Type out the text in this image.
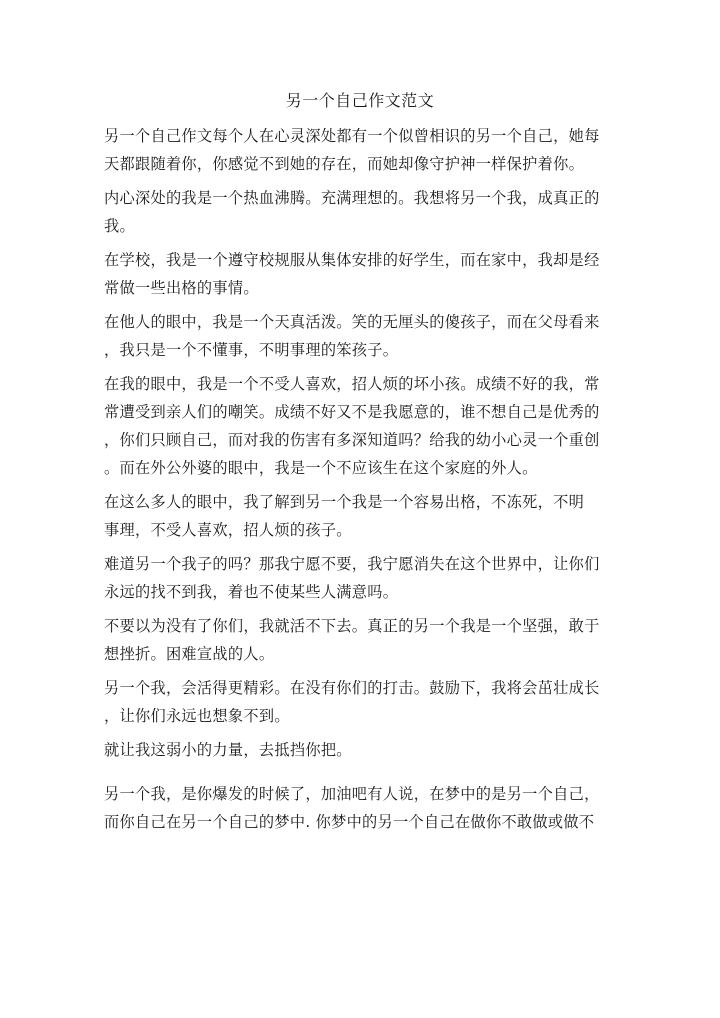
另一个自己作文范文

另一个自己作文每个人在心灵深处都有一个似曾相识的另一个自己，她每
天都跟随着你，你感觉不到她的存在，而她却像守护神一样保护着你。

内心深处的我是一个热血沸腾。充满理想的。我想将另一个我，成真正的
我。

在学校，我是一个遵守校规服从集体安排的好学生，而在家中，我却是经
常做一些出格的事情。

在他人的眼中，我是一个天真活泼。笑的无厘头的傻孩子，而在父母看来
，我只是一个不懂事，不明事理的笨孩子。

在我的眼中，我是一个不受人喜欢，招人烦的坏小孩。成绩不好的我，常
常遭受到亲人们的嘲笑。成绩不好又不是我愿意的，谁不想自己是优秀的
，你们只顾自己，而对我的伤害有多深知道吗？给我的幼小心灵一个重创
。而在外公外婆的眼中，我是一个不应该生在这个家庭的外人。

在这么多人的眼中，我了解到另一个我是一个容易出格，不冻死，不明
事理，不受人喜欢，招人烦的孩子。

难道另一个我子的吗？那我宁愿不要，我宁愿消失在这个世界中，让你们
永远的找不到我，着也不使某些人满意吗。

不要以为没有了你们，我就活不下去。真正的另一个我是一个坚强，敢于
想挫折。困难宣战的人。

另一个我，会活得更精彩。在没有你们的打击。鼓励下，我将会茁壮成长
，让你们永远也想象不到。

就让我这弱小的力量，去抵挡你把。

另一个我，是你爆发的时候了，加油吧有人说，在梦中的是另一个自己，
而你自己在另一个自己的梦中. 你梦中的另一个自己在做你不敢做或做不
